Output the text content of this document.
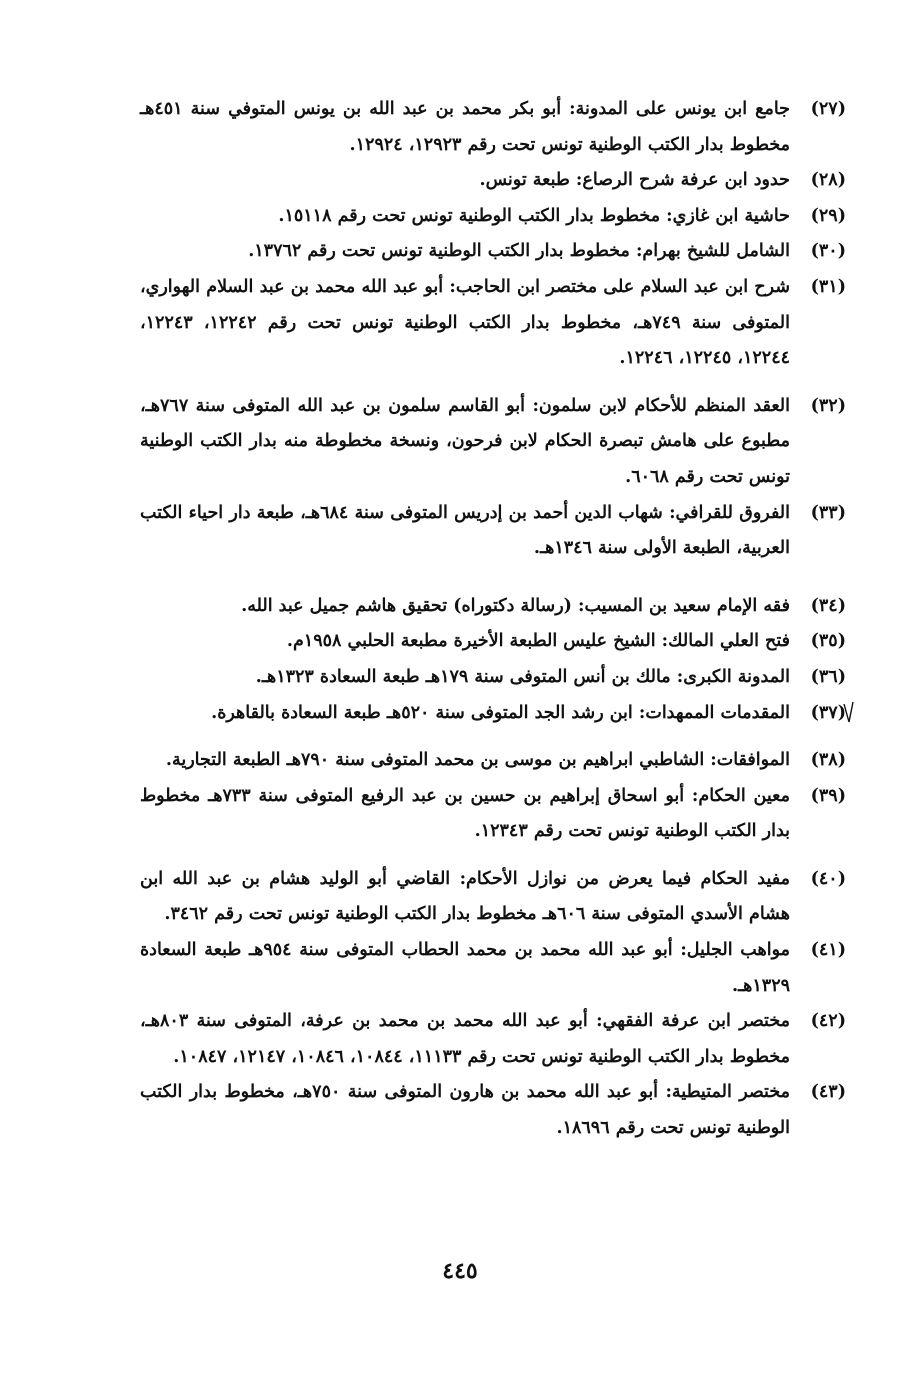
(٢٧)
جامع ابن يونس على المدونة: أبو بكر محمد بن عبد الله بن يونس المتوفي سنة ٤٥١هـ مخطوط بدار الكتب الوطنية تونس تحت رقم ١٢٩٢٣، ١٢٩٢٤.
(٢٨)
حدود ابن عرفة شرح الرصاع: طبعة تونس.
(٢٩)
حاشية ابن غازي: مخطوط بدار الكتب الوطنية تونس تحت رقم ١٥١١٨.
(٣٠)
الشامل للشيخ بهرام: مخطوط بدار الكتب الوطنية تونس تحت رقم ١٣٧٦٢.
(٣١)
شرح ابن عبد السلام على مختصر ابن الحاجب: أبو عبد الله محمد بن عبد السلام الهواري، المتوفى سنة ٧٤٩هـ، مخطوط بدار الكتب الوطنية تونس تحت رقم ١٢٢٤٢، ١٢٢٤٣، ١٢٢٤٤، ١٢٢٤٥، ١٢٢٤٦.
(٣٢)
العقد المنظم للأحكام لابن سلمون: أبو القاسم سلمون بن عبد الله المتوفى سنة ٧٦٧هـ، مطبوع على هامش تبصرة الحكام لابن فرحون، ونسخة مخطوطة منه بدار الكتب الوطنية تونس تحت رقم ٦٠٦٨.
(٣٣)
الفروق للقرافي: شهاب الدين أحمد بن إدريس المتوفى سنة ٦٨٤هـ، طبعة دار احياء الكتب العربية، الطبعة الأولى سنة ١٣٤٦هـ.
(٣٤)
فقه الإمام سعيد بن المسيب: (رسالة دكتوراه) تحقيق هاشم جميل عبد الله.
(٣٥)
فتح العلي المالك: الشيخ عليس الطبعة الأخيرة مطبعة الحلبي ١٩٥٨م.
(٣٦)
المدونة الكبرى: مالك بن أنس المتوفى سنة ١٧٩هـ طبعة السعادة ١٣٢٣هـ.
(٣٧)
المقدمات الممهدات: ابن رشد الجد المتوفى سنة ٥٢٠هـ طبعة السعادة بالقاهرة.
(٣٨)
الموافقات: الشاطبي ابراهيم بن موسى بن محمد المتوفى سنة ٧٩٠هـ الطبعة التجارية.
(٣٩)
معين الحكام: أبو اسحاق إبراهيم بن حسين بن عبد الرفيع المتوفى سنة ٧٣٣هـ مخطوط بدار الكتب الوطنية تونس تحت رقم ١٢٣٤٣.
(٤٠)
مفيد الحكام فيما يعرض من نوازل الأحكام: القاضي أبو الوليد هشام بن عبد الله ابن هشام الأسدي المتوفى سنة ٦٠٦هـ مخطوط بدار الكتب الوطنية تونس تحت رقم ٣٤٦٢.
(٤١)
مواهب الجليل: أبو عبد الله محمد بن محمد الحطاب المتوفى سنة ٩٥٤هـ طبعة السعادة ١٣٢٩هـ.
(٤٢)
مختصر ابن عرفة الفقهي: أبو عبد الله محمد بن محمد بن عرفة، المتوفى سنة ٨٠٣هـ، مخطوط بدار الكتب الوطنية تونس تحت رقم ١١١٣٣، ١٠٨٤٤، ١٠٨٤٦، ١٢١٤٧، ١٠٨٤٧.
(٤٣)
مختصر المتيطية: أبو عبد الله محمد بن هارون المتوفى سنة ٧٥٠هـ، مخطوط بدار الكتب الوطنية تونس تحت رقم ١٨٦٩٦.
٤٤٥
